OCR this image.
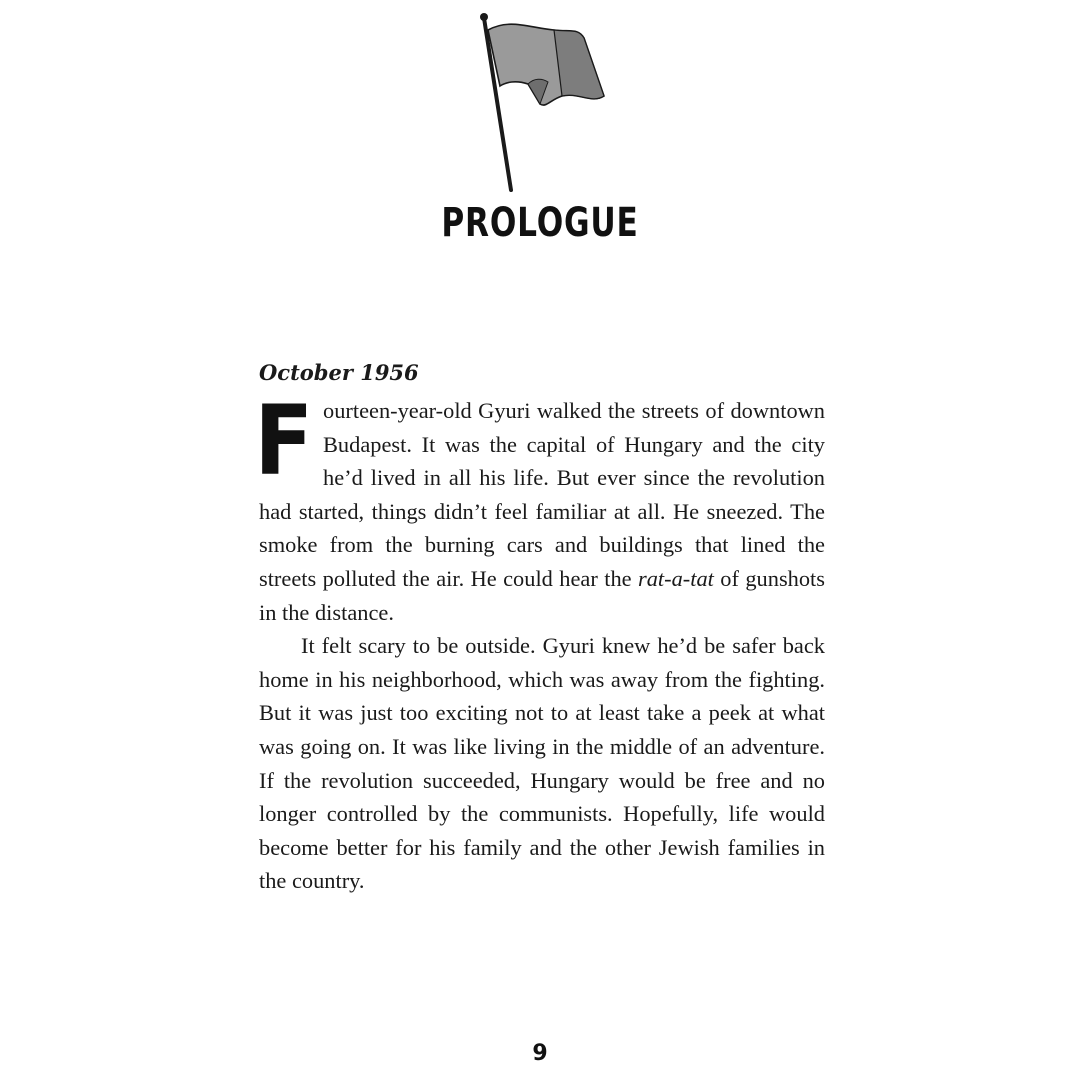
PROLOGUE
October 1956

F ourteen-year-old Gyuri walked the streets of downtown Budapest. It was the capital of Hungary and the city he’d lived in all his life. But ever since the revolution had started, things didn’t feel familiar at all. He sneezed. The smoke from the burning cars and buildings that lined the streets polluted the air. He could hear the rat-a-tat of gunshots in the distance.

It felt scary to be outside. Gyuri knew he’d be safer back home in his neighborhood, which was away from the fighting. But it was just too exciting not to at least take a peek at what was going on. It was like living in the middle of an adventure. If the revolution succeeded, Hungary would be free and no longer controlled by the communists. Hopefully, life would become better for his family and the other Jewish families in the country.

9
